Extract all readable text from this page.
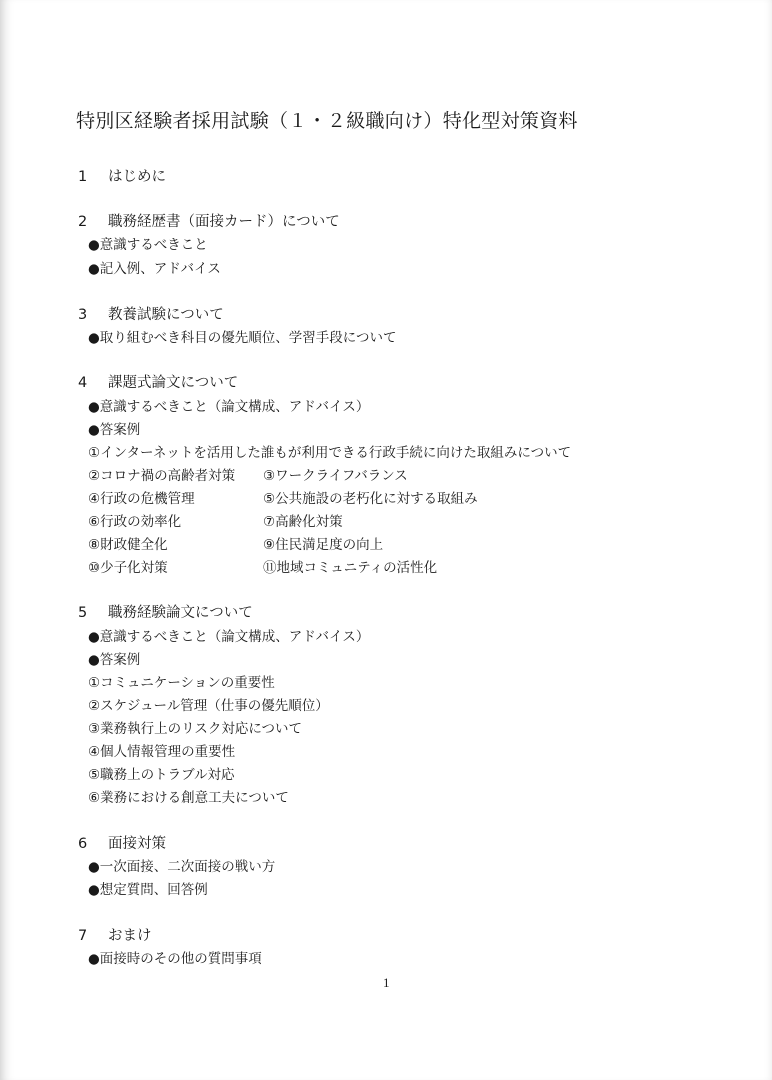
特別区経験者採用試験（１・２級職向け）特化型対策資料
1 はじめに
2 職務経歴書（面接カード）について
●意識するべきこと
●記入例、アドバイス
3 教養試験について
●取り組むべき科目の優先順位、学習手段について
4 課題式論文について
●意識するべきこと（論文構成、アドバイス）
●答案例
①インターネットを活用した誰もが利用できる行政手続に向けた取組みについて
②コロナ禍の高齢者対策 ③ワークライフバランス
④行政の危機管理	⑤公共施設の老朽化に対する取組み
⑥行政の効率化	⑦高齢化対策
⑧財政健全化	⑨住民満足度の向上
⑩少子化対策	⑪地域コミュニティの活性化
5 職務経験論文について
●意識するべきこと（論文構成、アドバイス）
●答案例
①コミュニケーションの重要性
②スケジュール管理（仕事の優先順位）
③業務執行上のリスク対応について
④個人情報管理の重要性
⑤職務上のトラブル対応
⑥業務における創意工夫について
6 面接対策
●一次面接、二次面接の戦い方
●想定質問、回答例
7 おまけ
●面接時のその他の質問事項
1
